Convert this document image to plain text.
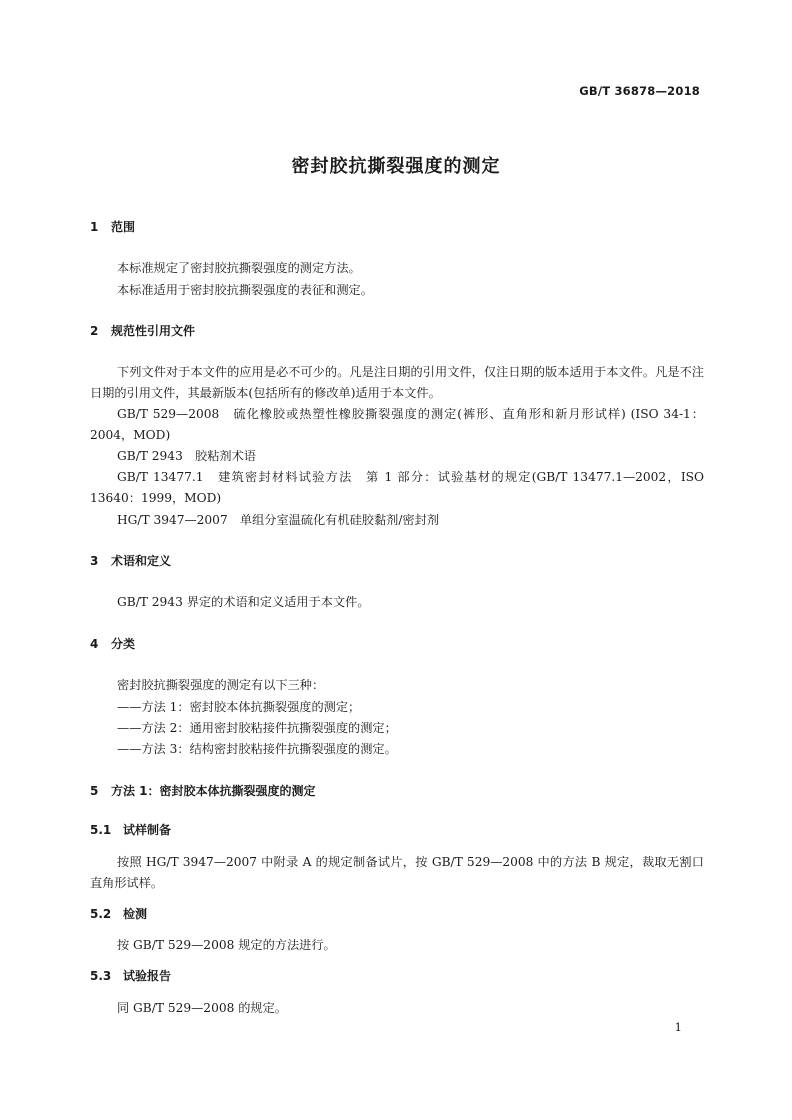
GB/T 36878—2018
密封胶抗撕裂强度的测定
1 范围

本标准规定了密封胶抗撕裂强度的测定方法。

本标准适用于密封胶抗撕裂强度的表征和测定。

2 规范性引用文件

下列文件对于本文件的应用是必不可少的。凡是注日期的引用文件，仅注日期的版本适用于本文件。凡是不注日期的引用文件，其最新版本(包括所有的修改单)适用于本文件。

GB/T 529—2008　硫化橡胶或热塑性橡胶撕裂强度的测定(裤形、直角形和新月形试样) (ISO 34-1：2004，MOD)

GB/T 2943　胶粘剂术语

GB/T 13477.1　建筑密封材料试验方法　第 1 部分：试验基材的规定(GB/T 13477.1—2002，ISO 13640：1999，MOD)

HG/T 3947—2007　单组分室温硫化有机硅胶黏剂/密封剂

3 术语和定义

GB/T 2943 界定的术语和定义适用于本文件。

4 分类

密封胶抗撕裂强度的测定有以下三种：

——方法 1：密封胶本体抗撕裂强度的测定；

——方法 2：通用密封胶粘接件抗撕裂强度的测定；

——方法 3：结构密封胶粘接件抗撕裂强度的测定。

5 方法 1：密封胶本体抗撕裂强度的测定
5.1 试样制备

按照 HG/T 3947—2007 中附录 A 的规定制备试片，按 GB/T 529—2008 中的方法 B 规定，裁取无割口直角形试样。

5.2 检测

按 GB/T 529—2008 规定的方法进行。

5.3 试验报告

同 GB/T 529—2008 的规定。

1
